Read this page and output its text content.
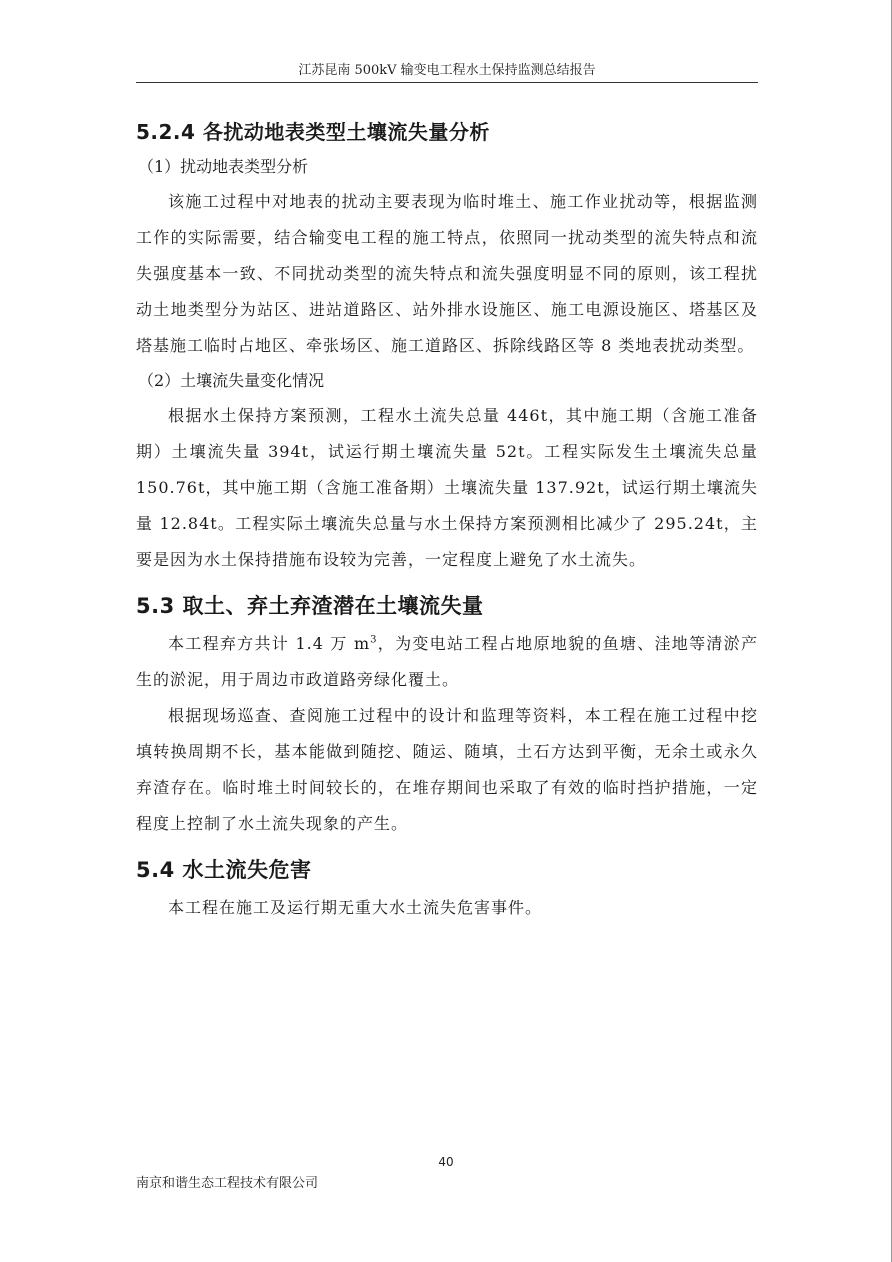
江苏昆南 500kV 输变电工程水土保持监测总结报告
5.2.4 各扰动地表类型土壤流失量分析

（1）扰动地表类型分析

该施工过程中对地表的扰动主要表现为临时堆土、施工作业扰动等，根据监测工作的实际需要，结合输变电工程的施工特点，依照同一扰动类型的流失特点和流失强度基本一致、不同扰动类型的流失特点和流失强度明显不同的原则，该工程扰动土地类型分为站区、进站道路区、站外排水设施区、施工电源设施区、塔基区及塔基施工临时占地区、牵张场区、施工道路区、拆除线路区等 8 类地表扰动类型。

（2）土壤流失量变化情况

根据水土保持方案预测，工程水土流失总量 446t，其中施工期（含施工准备期）土壤流失量 394t，试运行期土壤流失量 52t。工程实际发生土壤流失总量 150.76t，其中施工期（含施工准备期）土壤流失量 137.92t，试运行期土壤流失量 12.84t。工程实际土壤流失总量与水土保持方案预测相比减少了 295.24t，主要是因为水土保持措施布设较为完善，一定程度上避免了水土流失。

5.3 取土、弃土弃渣潜在土壤流失量

本工程弃方共计 1.4 万 $m^3$，为变电站工程占地原地貌的鱼塘、洼地等清淤产生的淤泥，用于周边市政道路旁绿化覆土。

根据现场巡查、查阅施工过程中的设计和监理等资料，本工程在施工过程中挖填转换周期不长，基本能做到随挖、随运、随填，土石方达到平衡，无余土或永久弃渣存在。临时堆土时间较长的，在堆存期间也采取了有效的临时挡护措施，一定程度上控制了水土流失现象的产生。

5.4 水土流失危害

本工程在施工及运行期无重大水土流失危害事件。

40
南京和谐生态工程技术有限公司
